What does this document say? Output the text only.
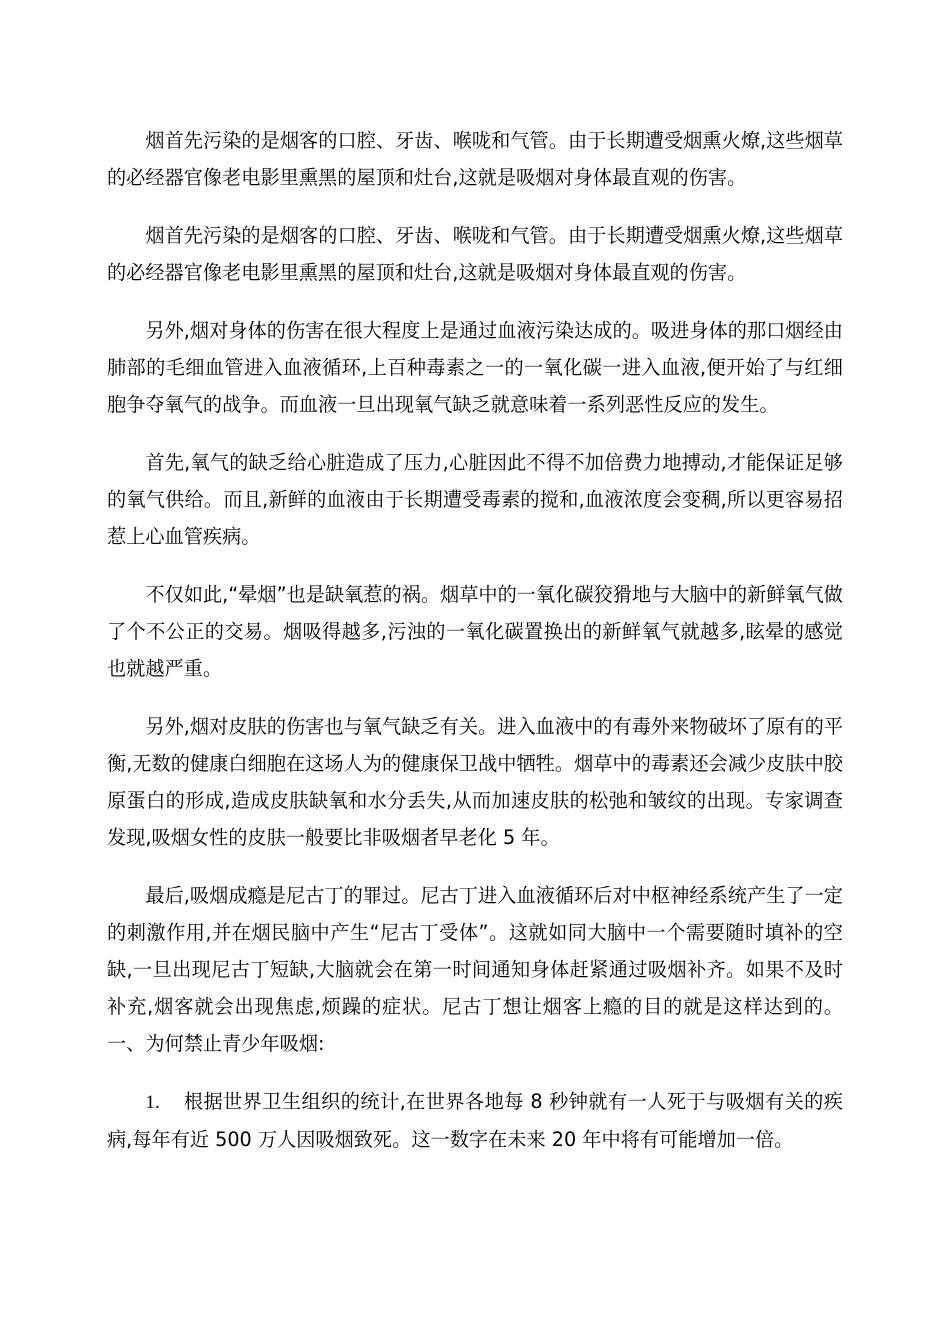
烟首先污染的是烟客的口腔、牙齿、喉咙和气管。由于长期遭受烟熏火燎,这些烟草的必经器官像老电影里熏黑的屋顶和灶台,这就是吸烟对身体最直观的伤害。

烟首先污染的是烟客的口腔、牙齿、喉咙和气管。由于长期遭受烟熏火燎,这些烟草的必经器官像老电影里熏黑的屋顶和灶台,这就是吸烟对身体最直观的伤害。

另外,烟对身体的伤害在很大程度上是通过血液污染达成的。吸进身体的那口烟经由肺部的毛细血管进入血液循环,上百种毒素之一的一氧化碳一进入血液,便开始了与红细胞争夺氧气的战争。而血液一旦出现氧气缺乏就意味着一系列恶性反应的发生。

首先,氧气的缺乏给心脏造成了压力,心脏因此不得不加倍费力地搏动,才能保证足够的氧气供给。而且,新鲜的血液由于长期遭受毒素的搅和,血液浓度会变稠,所以更容易招惹上心血管疾病。

不仅如此,“晕烟”也是缺氧惹的祸。烟草中的一氧化碳狡猾地与大脑中的新鲜氧气做了个不公正的交易。烟吸得越多,污浊的一氧化碳置换出的新鲜氧气就越多,眩晕的感觉也就越严重。

另外,烟对皮肤的伤害也与氧气缺乏有关。进入血液中的有毒外来物破坏了原有的平衡,无数的健康白细胞在这场人为的健康保卫战中牺牲。烟草中的毒素还会减少皮肤中胶原蛋白的形成,造成皮肤缺氧和水分丢失,从而加速皮肤的松弛和皱纹的出现。专家调查发现,吸烟女性的皮肤一般要比非吸烟者早老化 5 年。

最后,吸烟成瘾是尼古丁的罪过。尼古丁进入血液循环后对中枢神经系统产生了一定的刺激作用,并在烟民脑中产生“尼古丁受体”。这就如同大脑中一个需要随时填补的空缺,一旦出现尼古丁短缺,大脑就会在第一时间通知身体赶紧通过吸烟补齐。如果不及时补充,烟客就会出现焦虑,烦躁的症状。尼古丁想让烟客上瘾的目的就是这样达到的。一、为何禁止青少年吸烟:

1. 根据世界卫生组织的统计,在世界各地每 8 秒钟就有一人死于与吸烟有关的疾病,每年有近 500 万人因吸烟致死。这一数字在未来 20 年中将有可能增加一倍。
